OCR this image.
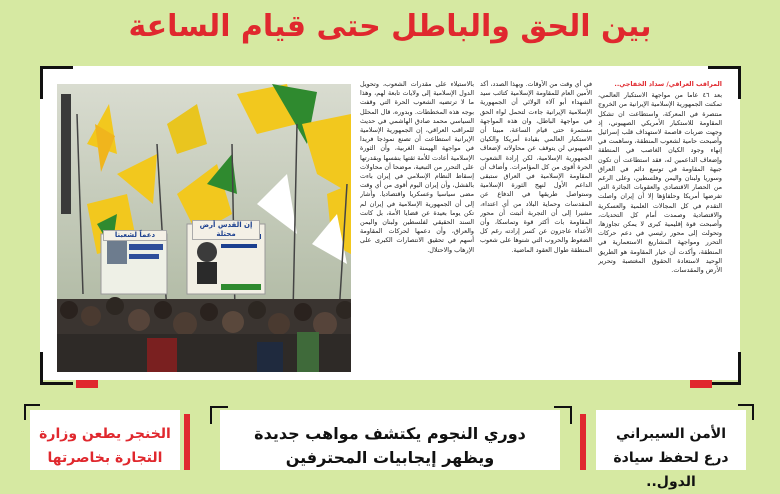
بين الحق والباطل حتى قيام الساعة
إن القدس أرض محتلة
دعماً لشعبنا
المراقب العراقي/ سداد الخفاجي..
بعد ٤٦ عاما من مواجهة الاستكبار العالمي، تمكنت الجمهورية الإسلامية الإيرانية من الخروج منتصرة في المعركة، واستطاعت ان تشكل المقاومة للاستكبار الأمريكي الصهيوني، إذ وجهت ضربات قاصمة لاستهداف قلب إسرائيل وأصبحت حامية لشعوب المنطقة، وساهمت في إنهاء وجود الكيان الغاصب في المنطقة وإضعاف الداعمين له، فقد استطاعت أن تكون جبهة المقاومة في توسع دائم في العراق وسوريا ولبنان واليمن وفلسطين، وعلى الرغم من الحصار الاقتصادي والعقوبات الجائرة التي تفرضها أمريكا وحلفاؤها إلا أن إيران واصلت التقدم في كل المجالات العلمية والعسكرية والاقتصادية وصمدت أمام كل التحديات، وأصبحت قوة إقليمية كبرى لا يمكن تجاوزها، وتحولت إلى محور رئيسي في دعم حركات التحرر ومواجهة المشاريع الاستعمارية في المنطقة، وأكدت أن خيار المقاومة هو الطريق الوحيد لاستعادة الحقوق المغتصبة وتحرير الأرض والمقدسات.
في أي وقت من الأوقات. وبهذا الصدد، أكد الأمين العام للمقاومة الإسلامية كتائب سيد الشهداء أبو آلاء الولائي أن الجمهورية الإسلامية الإيرانية جاءت لتحمل لواء الحق في مواجهة الباطل، وان هذه المواجهة مستمرة حتى قيام الساعة، مبينا أن الاستكبار العالمي بقيادة أمريكا والكيان الصهيوني لن يتوقف عن محاولاته لإضعاف الجمهورية الإسلامية، لكن إرادة الشعوب الحرة أقوى من كل المؤامرات. وأضاف أن المقاومة الإسلامية في العراق ستبقى الداعم الأول لنهج الثورة الإسلامية وستواصل طريقها في الدفاع عن المقدسات وحماية البلاد من أي اعتداء، مشيرا إلى أن التجربة أثبتت أن محور المقاومة بات أكثر قوة وتماسكا، وأن الأعداء عاجزون عن كسر إرادته رغم كل الضغوط والحروب التي شنوها على شعوب المنطقة طوال العقود الماضية.
بالاستيلاء على مقدرات الشعوب، وتحويل الدول الإسلامية إلى ولايات تابعة لهم، وهذا ما لا ترتضيه الشعوب الحرة التي وقفت بوجه هذه المخططات. وبدوره، قال المحلل السياسي محمد صادق الهاشمي في حديث للمراقب العراقي، إن الجمهورية الإسلامية الإيرانية استطاعت أن تصنع نموذجا فريدا في مواجهة الهيمنة الغربية، وأن الثورة الإسلامية أعادت للأمة ثقتها بنفسها وبقدرتها على التحرر من التبعية، موضحا أن محاولات إسقاط النظام الإسلامي في إيران باءت بالفشل، وأن إيران اليوم أقوى من أي وقت مضى سياسيا وعسكريا واقتصاديا. وأشار إلى أن الجمهورية الإسلامية في إيران لم تكن يوما بعيدة عن قضايا الأمة، بل كانت السند الحقيقي لفلسطين ولبنان واليمن والعراق، وأن دعمها لحركات المقاومة أسهم في تحقيق الانتصارات الكبرى على الإرهاب والاحتلال.
الخنجر يطعن وزارة التجارة بخاصرتها
دوري النجوم يكتشف مواهب جديدة ويظهر إيجابيات المحترفين
الأمن السيبراني درع لحفظ سيادة الدول..
